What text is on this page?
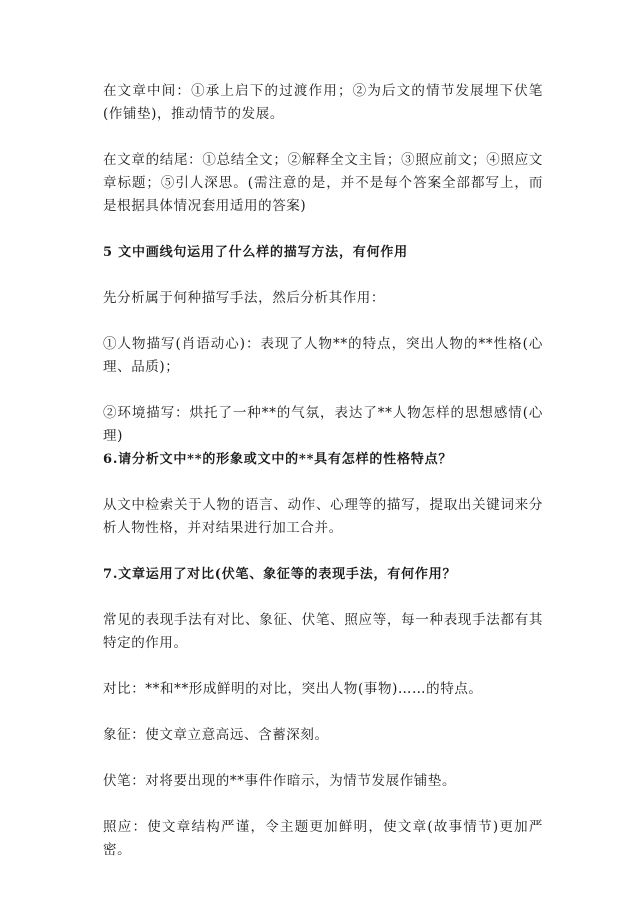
在文章中间：①承上启下的过渡作用；②为后文的情节发展埋下伏笔(作铺垫)，推动情节的发展。

在文章的结尾：①总结全文；②解释全文主旨；③照应前文；④照应文章标题；⑤引人深思。(需注意的是，并不是每个答案全部都写上，而是根据具体情况套用适用的答案)

5 文中画线句运用了什么样的描写方法，有何作用

先分析属于何种描写手法，然后分析其作用：

①人物描写(肖语动心)：表现了人物**的特点，突出人物的**性格(心理、品质)；

②环境描写：烘托了一种**的气氛，表达了**人物怎样的思想感情(心理)

6.请分析文中**的形象或文中的**具有怎样的性格特点？

从文中检索关于人物的语言、动作、心理等的描写，提取出关键词来分析人物性格，并对结果进行加工合并。

7.文章运用了对比(伏笔、象征等的表现手法，有何作用？

常见的表现手法有对比、象征、伏笔、照应等，每一种表现手法都有其特定的作用。

对比：**和**形成鲜明的对比，突出人物(事物)……的特点。

象征：使文章立意高远、含蓄深刻。

伏笔：对将要出现的**事件作暗示，为情节发展作铺垫。

照应：使文章结构严谨，令主题更加鲜明，使文章(故事情节)更加严密。
